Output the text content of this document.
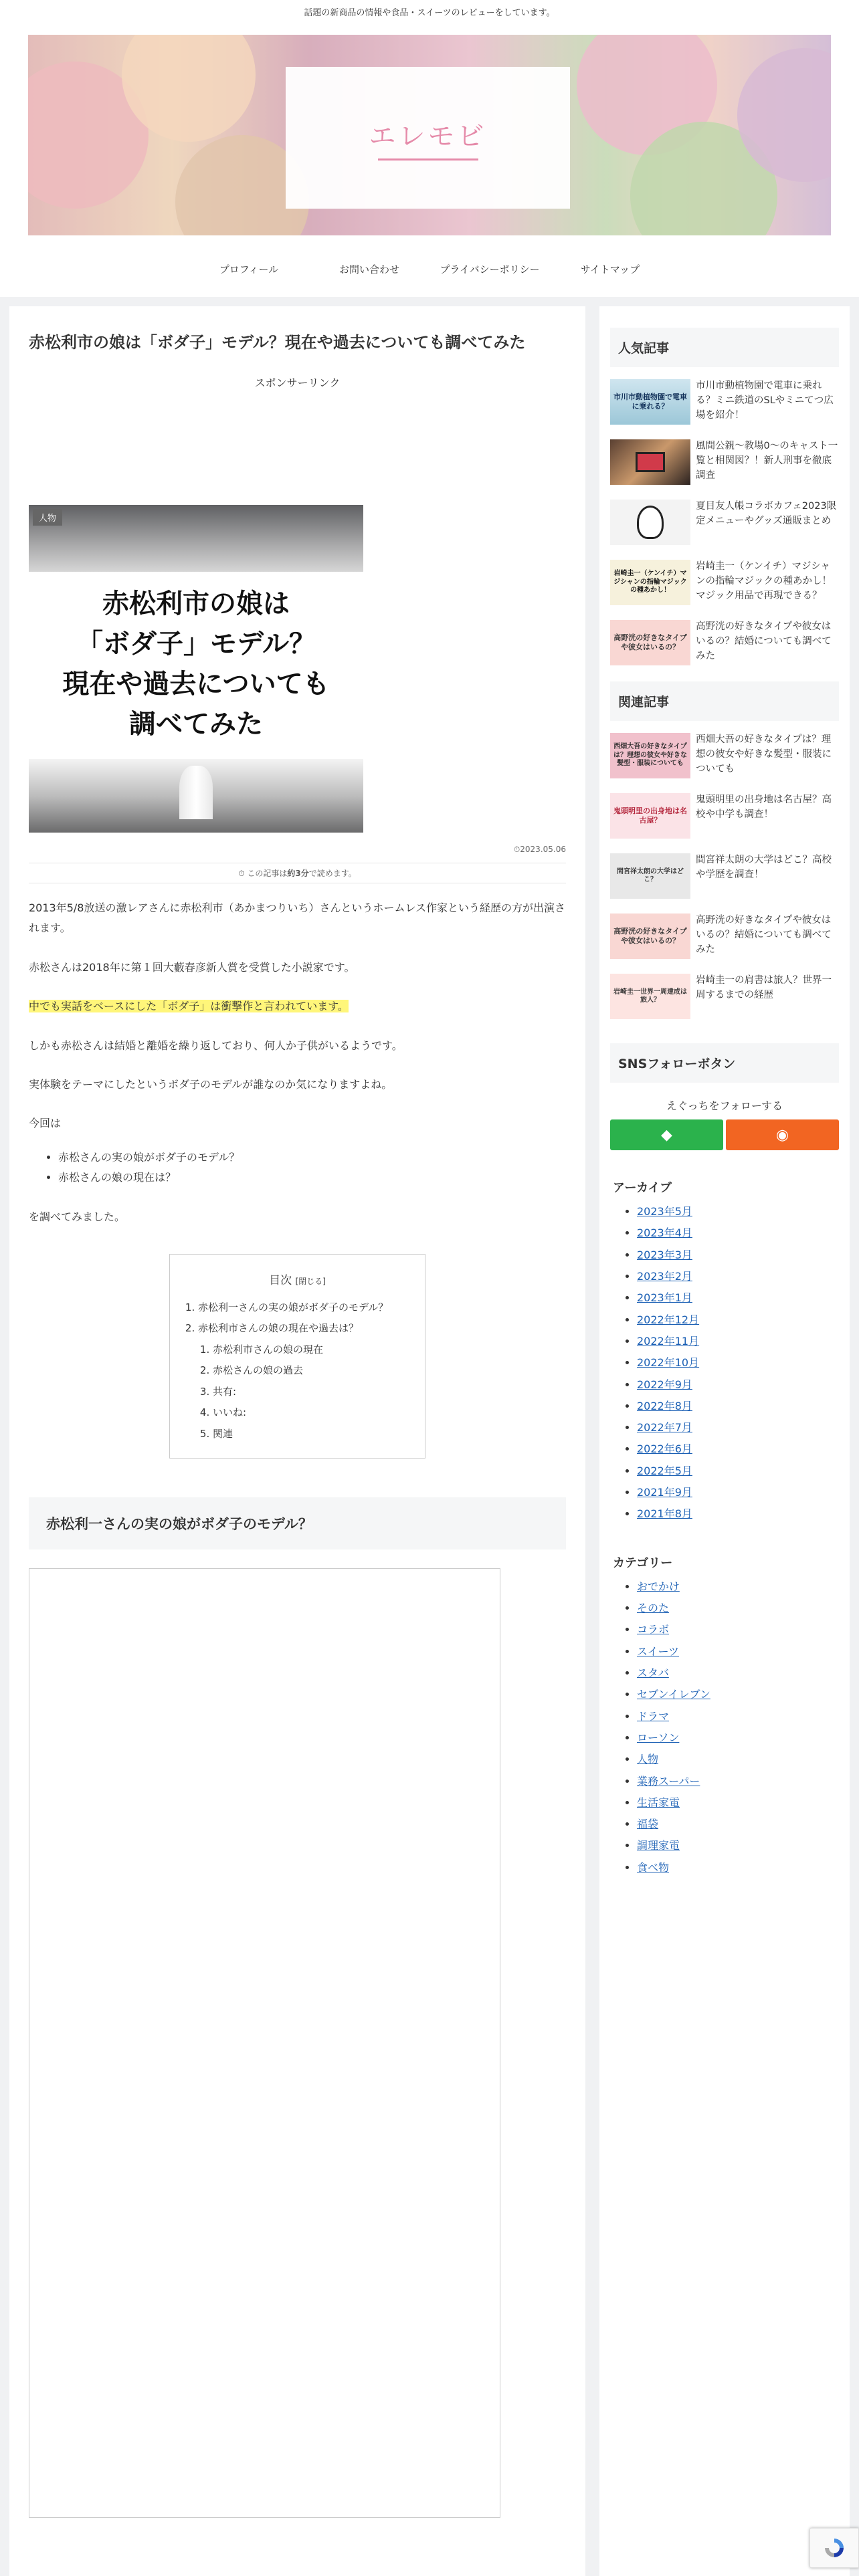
話題の新商品の情報や食品・スイーツのレビューをしています。
エレモビ
プロフィール	お問い合わせ	プライバシーポリシー	サイトマップ
赤松利市の娘は「ボダ子」モデル？現在や過去についても調べてみた
スポンサーリンク
人物
赤松利市の娘は
「ボダ子」モデル？
現在や過去についても
調べてみた
⏱2023.05.06
⏱ この記事は約3分で読めます。

2013年5/8放送の激レアさんに赤松利市（あかまつりいち）さんというホームレス作家という経歴の方が出演されます。

赤松さんは2018年に第１回大藪春彦新人賞を受賞した小説家です。

中でも実話をベースにした「ボダ子」は衝撃作と言われています。

しかも赤松さんは結婚と離婚を繰り返しており、何人か子供がいるようです。

実体験をテーマにしたというボダ子のモデルが誰なのか気になりますよね。

今回は

• 赤松さんの実の娘がボダ子のモデル？
• 赤松さんの娘の現在は？

を調べてみました。

目次 [閉じる]
1. 赤松利一さんの実の娘がボダ子のモデル？
2. 赤松利市さんの娘の現在や過去は？
1. 赤松利市さんの娘の現在
2. 赤松さんの娘の過去
3. 共有:
4. いいね:
5. 関連
赤松利一さんの実の娘がボダ子のモデル？
人気記事
市川市動植物園で電車に乗れる？
市川市動植物園で電車に乗れる？ミニ鉄道のSLやミニてつ広場を紹介！
風間公親～教場0～のキャスト一覧と相関図？！新人刑事を徹底調査
夏目友人帳コラボカフェ2023限定メニューやグッズ通販まとめ
岩崎圭一（ケンイチ）マジシャンの指輪マジックの種あかし！
岩崎圭一（ケンイチ）マジシャンの指輪マジックの種あかし！マジック用品で再現できる？
高野洸の好きなタイプや彼女はいるの？
高野洸の好きなタイプや彼女はいるの？結婚についても調べてみた
関連記事
西畑大吾の好きなタイプは？理想の彼女や好きな髪型・服装についても
西畑大吾の好きなタイプは？理想の彼女や好きな髪型・服装についても
鬼頭明里の出身地は名古屋？
鬼頭明里の出身地は名古屋？高校や中学も調査！
間宮祥太朗の大学はどこ？
間宮祥太朗の大学はどこ？高校や学歴を調査！
高野洸の好きなタイプや彼女はいるの？
高野洸の好きなタイプや彼女はいるの？結婚についても調べてみた
岩崎圭一世界一周達成は旅人？
岩崎圭一の肩書は旅人？世界一周するまでの経歴
SNSフォローボタン
えぐっちをフォローする
◆	◉
アーカイブ
• 2023年5月
• 2023年4月
• 2023年3月
• 2023年2月
• 2023年1月
• 2022年12月
• 2022年11月
• 2022年10月
• 2022年9月
• 2022年8月
• 2022年7月
• 2022年6月
• 2022年5月
• 2021年9月
• 2021年8月
カテゴリー
• おでかけ
• そのた
• コラボ
• スイーツ
• スタバ
• セブンイレブン
• ドラマ
• ローソン
• 人物
• 業務スーパー
• 生活家電
• 福袋
• 調理家電
• 食べ物
